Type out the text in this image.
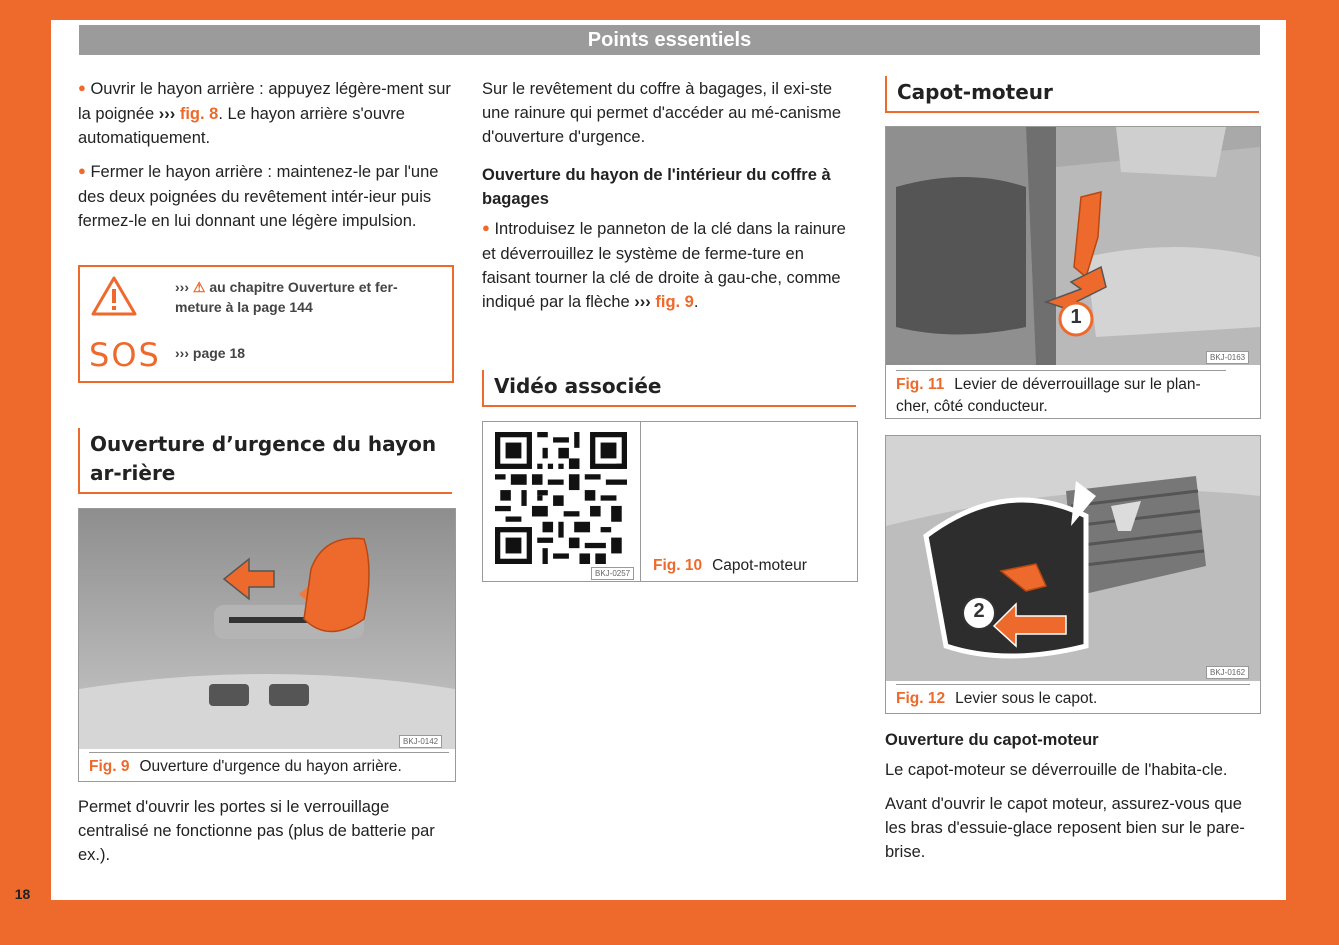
Points essentiels

● Ouvrir le hayon arrière : appuyez légère-ment sur la poignée ››› fig. 8. Le hayon arrière s'ouvre automatiquement.

● Fermer le hayon arrière : maintenez-le par l'une des deux poignées du revêtement intér-ieur puis fermez-le en lui donnant une légère impulsion.

››› ⚠ au chapitre Ouverture et fer-meture à la page 144
SOS ››› page 18
Ouverture d’urgence du hayon ar-rière
BKJ-0142
Fig. 9 Ouverture d'urgence du hayon arrière.

Permet d'ouvrir les portes si le verrouillage centralisé ne fonctionne pas (plus de batterie par ex.).

Sur le revêtement du coffre à bagages, il exi-ste une rainure qui permet d'accéder au mé-canisme d'ouverture d'urgence.

Ouverture du hayon de l'intérieur du coffre à bagages

● Introduisez le panneton de la clé dans la rainure et déverrouillez le système de ferme-ture en faisant tourner la clé de droite à gau-che, comme indiqué par la flèche ››› fig. 9.

Vidéo associée
BKJ-0257 Fig. 10 Capot-moteur
Capot-moteur
1
BKJ-0163
Fig. 11 Levier de déverrouillage sur le plan-cher, côté conducteur.
2
BKJ-0162
Fig. 12 Levier sous le capot.
Ouverture du capot-moteur

Le capot-moteur se déverrouille de l'habita-cle.

Avant d'ouvrir le capot moteur, assurez-vous que les bras d'essuie-glace reposent bien sur le pare-brise.

18
